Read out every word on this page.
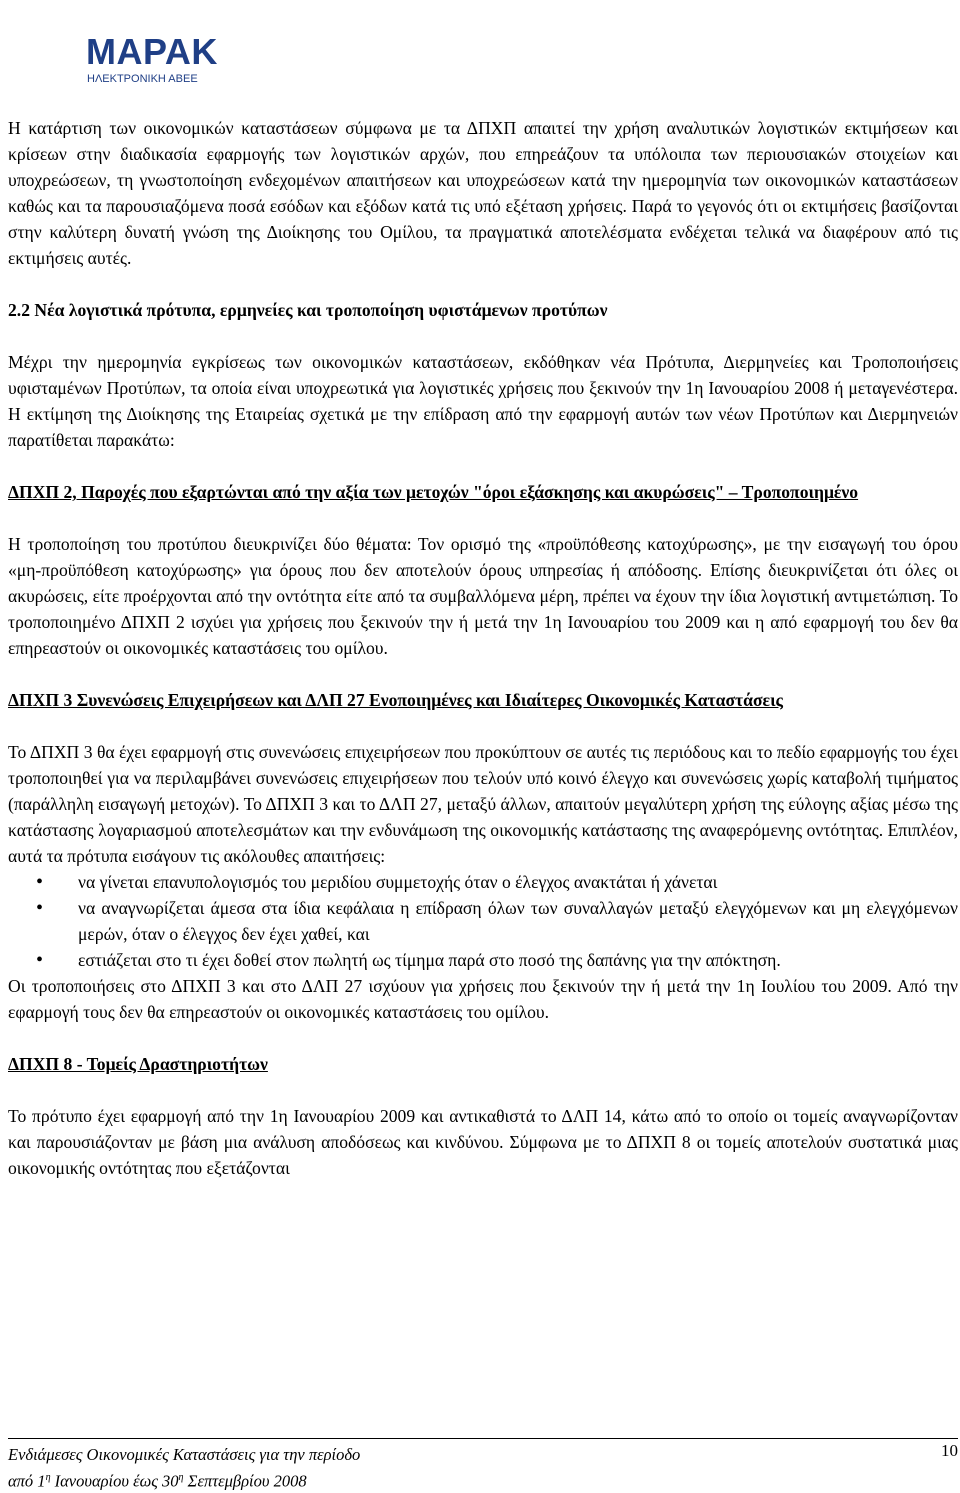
ΜΑΡΑΚ
ΗΛΕΚΤΡΟΝΙΚΗ ΑΒΕΕ

Η κατάρτιση των οικονομικών καταστάσεων σύμφωνα με τα ΔΠΧΠ απαιτεί την χρήση αναλυτικών λογιστικών εκτιμήσεων και κρίσεων στην διαδικασία εφαρμογής των λογιστικών αρχών, που επηρεάζουν τα υπόλοιπα των περιουσιακών στοιχείων και υποχρεώσεων, τη γνωστοποίηση ενδεχομένων απαιτήσεων και υποχρεώσεων κατά την ημερομηνία των οικονομικών καταστάσεων καθώς και τα παρουσιαζόμενα ποσά εσόδων και εξόδων κατά τις υπό εξέταση χρήσεις. Παρά το γεγονός ότι οι εκτιμήσεις βασίζονται στην καλύτερη δυνατή γνώση της Διοίκησης του Ομίλου, τα πραγματικά αποτελέσματα ενδέχεται τελικά να διαφέρουν από τις εκτιμήσεις αυτές.

2.2 Νέα λογιστικά πρότυπα, ερμηνείες και τροποποίηση υφιστάμενων προτύπων

Μέχρι την ημερομηνία εγκρίσεως των οικονομικών καταστάσεων, εκδόθηκαν νέα Πρότυπα, Διερμηνείες και Τροποποιήσεις υφισταμένων Προτύπων, τα οποία είναι υποχρεωτικά για λογιστικές χρήσεις που ξεκινούν την 1η Ιανουαρίου 2008 ή μεταγενέστερα. Η εκτίμηση της Διοίκησης της Εταιρείας σχετικά με την επίδραση από την εφαρμογή αυτών των νέων Προτύπων και Διερμηνειών παρατίθεται παρακάτω:

ΔΠΧΠ 2, Παροχές που εξαρτώνται από την αξία των μετοχών "όροι εξάσκησης και ακυρώσεις" – Τροποποιημένο

Η τροποποίηση του προτύπου διευκρινίζει δύο θέματα: Τον ορισμό της «προϋπόθεσης κατοχύρωσης», με την εισαγωγή του όρου «μη-προϋπόθεση κατοχύρωσης» για όρους που δεν αποτελούν όρους υπηρεσίας ή απόδοσης. Επίσης διευκρινίζεται ότι όλες οι ακυρώσεις, είτε προέρχονται από την οντότητα είτε από τα συμβαλλόμενα μέρη, πρέπει να έχουν την ίδια λογιστική αντιμετώπιση. Το τροποποιημένο ΔΠΧΠ 2 ισχύει για χρήσεις που ξεκινούν την ή μετά την 1η Ιανουαρίου του 2009 και η από εφαρμογή του δεν θα επηρεαστούν οι οικονομικές καταστάσεις του ομίλου.

ΔΠΧΠ 3 Συνενώσεις Επιχειρήσεων και ΔΛΠ 27 Ενοποιημένες και Ιδιαίτερες Οικονομικές Καταστάσεις

Το ΔΠΧΠ 3 θα έχει εφαρμογή στις συνενώσεις επιχειρήσεων που προκύπτουν σε αυτές τις περιόδους και το πεδίο εφαρμογής του έχει τροποποιηθεί για να περιλαμβάνει συνενώσεις επιχειρήσεων που τελούν υπό κοινό έλεγχο και συνενώσεις χωρίς καταβολή τιμήματος (παράλληλη εισαγωγή μετοχών). Το ΔΠΧΠ 3 και το ΔΛΠ 27, μεταξύ άλλων, απαιτούν μεγαλύτερη χρήση της εύλογης αξίας μέσω της κατάστασης λογαριασμού αποτελεσμάτων και την ενδυνάμωση της οικονομικής κατάστασης της αναφερόμενης οντότητας. Επιπλέον, αυτά τα πρότυπα εισάγουν τις ακόλουθες απαιτήσεις:

• να γίνεται επανυπολογισμός του μεριδίου συμμετοχής όταν ο έλεγχος ανακτάται ή χάνεται
• να αναγνωρίζεται άμεσα στα ίδια κεφάλαια η επίδραση όλων των συναλλαγών μεταξύ ελεγχόμενων και μη ελεγχόμενων μερών, όταν ο έλεγχος δεν έχει χαθεί, και
• εστιάζεται στο τι έχει δοθεί στον πωλητή ως τίμημα παρά στο ποσό της δαπάνης για την απόκτηση.

Οι τροποποιήσεις στο ΔΠΧΠ 3 και στο ΔΛΠ 27 ισχύουν για χρήσεις που ξεκινούν την ή μετά την 1η Ιουλίου του 2009. Από την εφαρμογή τους δεν θα επηρεαστούν οι οικονομικές καταστάσεις του ομίλου.

ΔΠΧΠ 8 - Τομείς Δραστηριοτήτων

Το πρότυπο έχει εφαρμογή από την 1η Ιανουαρίου 2009 και αντικαθιστά το ΔΛΠ 14, κάτω από το οποίο οι τομείς αναγνωρίζονταν και παρουσιάζονταν με βάση μια ανάλυση αποδόσεως και κινδύνου. Σύμφωνα με το ΔΠΧΠ 8 οι τομείς αποτελούν συστατικά μιας οικονομικής οντότητας που εξετάζονται

Ενδιάμεσες Οικονομικές Καταστάσεις για την περίοδο
από $1^\eta$ Ιανουαρίου έως $30^\eta$ Σεπτεμβρίου 2008
10
